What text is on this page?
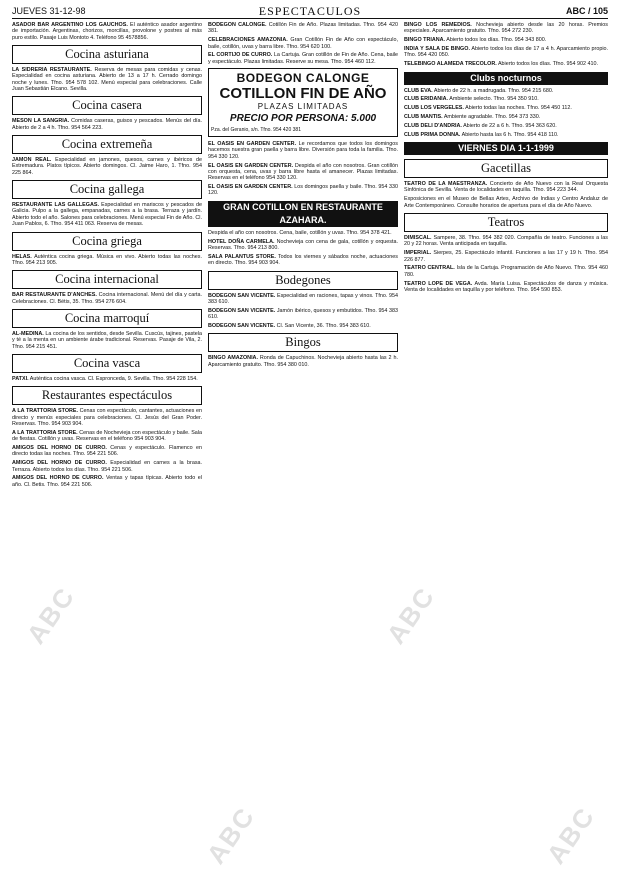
JUEVES 31-12-98	ESPECTACULOS	ABC / 105
ASADOR BAR ARGENTINO LOS GAUCHOS. El auténtico asador argentino de importación. Argentinas, chorizos, morcillas, provolone y postres al más puro estilo. Pasaje Luis Montoto 4. Teléfono 95 4578856.
Cocina asturiana
LA SIDRERIA RESTAURANTE. Reserva de mesas para comidas y cenas. Especialidad en cocina asturiana. Abierto de 13 a 17 h. Cerrado domingo noche y lunes. Tfno. 954 578 102. Menú especial para celebraciones. Calle Juan Sebastián Elcano. Sevilla.
Cocina casera
MESON LA SANGRIA. Comidas caseras, guisos y pescados. Menús del día. Abierto de 2 a 4 h. Tfno. 954 564 223.
Cocina extremeña
JAMON REAL. Especialidad en jamones, quesos, carnes y ibéricos de Extremadura. Platos típicos. Abierto domingos. Cl. Jaime Haro, 1. Tfno. 954 225 864.
Cocina gallega
RESTAURANTE LAS GALLEGAS. Especialidad en mariscos y pescados de Galicia. Pulpo a la gallega, empanadas, carnes a la brasa. Terraza y jardín. Abierto todo el año. Salones para celebraciones. Menú especial Fin de Año. Cl. Juan Pablos, 6. Tfno. 954 411 063. Reserva de mesas.
Cocina griega
HELAS. Auténtica cocina griega. Música en vivo. Abierto todas las noches. Tfno. 954 213 905.
Cocina internacional
BAR RESTAURANTE D'ANCHES. Cocina internacional. Menú del día y carta. Celebraciones. Cl. Bétis, 35. Tfno. 954 276 604.
Cocina marroquí
AL-MEDINA. La cocina de los sentidos, desde Sevilla. Cuscús, tajines, pastela y té a la menta en un ambiente árabe tradicional. Reservas. Pasaje de Vila, 2. Tfno. 954 215 451.
Cocina vasca
PATXI. Auténtica cocina vasca. Cl. Espronceda, 9. Sevilla. Tfno. 954 228 154.
Restaurantes espectáculos
A LA TRATTORIA STORE. Cenas con espectáculo, cantantes, actuaciones en directo y menús especiales para celebraciones. Cl. Jesús del Gran Poder. Reservas. Tfno. 954 903 904.
A LA TRATTORIA STORE. Cenas de Nochevieja con espectáculo y baile. Sala de fiestas. Cotillón y uvas. Reservas en el teléfono 954 903 904.
AMIGOS DEL HORNO DE CURRO. Cenas y espectáculo. Flamenco en directo todas las noches. Tfno. 954 221 506.
AMIGOS DEL HORNO DE CURRO. Especialidad en carnes a la brasa. Terraza. Abierto todos los días. Tfno. 954 221 506.
AMIGOS DEL HORNO DE CURRO. Ventas y tapas típicas. Abierto todo el año. Cl. Betis. Tfno. 954 221 506.
BODEGON CALONGE. Cotillón Fin de Año. Plazas limitadas. Tfno. 954 420 381.
CELEBRACIONES AMAZONIA. Gran Cotillón Fin de Año con espectáculo, baile, cotillón, uvas y barra libre. Tfno. 954 620 100.
EL CORTIJO DE CURRO. La Cartuja. Gran cotillón de Fin de Año. Cena, baile y espectáculo. Plazas limitadas. Reserve su mesa. Tfno. 954 460 112.
BODEGON CALONGE
COTILLON FIN DE AÑO
PLAZAS LIMITADAS
PRECIO POR PERSONA: 5.000
Pza. del Geranio, s/n. Tfno. 954 420 381
EL OASIS EN GARDEN CENTER. Le recordamos que todos los domingos hacemos nuestra gran paella y barra libre. Diversión para toda la familia. Tfno. 954 330 120.
EL OASIS EN GARDEN CENTER. Despida el año con nosotros. Gran cotillón con orquesta, cena, uvas y barra libre hasta el amanecer. Plazas limitadas. Reservas en el teléfono 954 330 120.
EL OASIS EN GARDEN CENTER. Los domingos paella y baile. Tfno. 954 330 120.
GRAN COTILLON EN RESTAURANTE AZAHARA.
Despida el año con nosotros. Cena, baile, cotillón y uvas. Tfno. 954 378 421.
HOTEL DOÑA CARMELA. Nochevieja con cena de gala, cotillón y orquesta. Reservas. Tfno. 954 213 800.
SALA PALANTUS STORE. Todos los viernes y sábados noche, actuaciones en directo. Tfno. 954 903 904.
Bodegones
BODEGON SAN VICENTE. Especialidad en raciones, tapas y vinos. Tfno. 954 383 610.
BODEGON SAN VICENTE. Jamón ibérico, quesos y embutidos. Tfno. 954 383 610.
BODEGON SAN VICENTE. Cl. San Vicente, 36. Tfno. 954 383 610.
Bingos
BINGO AMAZONIA. Ronda de Capuchinos. Nochevieja abierto hasta las 2 h. Aparcamiento gratuito. Tfno. 954 380 010.
BINGO LOS REMEDIOS. Nochevieja abierto desde las 20 horas. Premios especiales. Aparcamiento gratuito. Tfno. 954 272 230.
BINGO TRIANA. Abierto todos los días. Tfno. 954 343 800.
INDIA Y SALA DE BINGO. Abierto todos los días de 17 a 4 h. Aparcamiento propio. Tfno. 954 420 050.
TELEBINGO ALAMEDA TRECOLOR. Abierto todos los días. Tfno. 954 902 410.
Clubs nocturnos
CLUB EVA. Abierto de 22 h. a madrugada. Tfno. 954 215 680.
CLUB ERIDANIA. Ambiente selecto. Tfno. 954 350 910.
CLUB LOS VERGELES. Abierto todas las noches. Tfno. 954 450 112.
CLUB MANTIS. Ambiente agradable. Tfno. 954 373 330.
CLUB DELI D'ANDRIA. Abierto de 22 a 6 h. Tfno. 954 363 620.
CLUB PRIMA DONNA. Abierto hasta las 6 h. Tfno. 954 418 110.
VIERNES DIA 1-1-1999
Gacetillas
TEATRO DE LA MAESTRANZA. Concierto de Año Nuevo con la Real Orquesta Sinfónica de Sevilla. Venta de localidades en taquilla. Tfno. 954 223 344.
Exposiciones en el Museo de Bellas Artes, Archivo de Indias y Centro Andaluz de Arte Contemporáneo. Consulte horarios de apertura para el día de Año Nuevo.
Teatros
DIMISCAL. Sampere, 38. Tfno. 954 382 020. Compañía de teatro. Funciones a las 20 y 22 horas. Venta anticipada en taquilla.
IMPERIAL. Sierpes, 25. Espectáculo infantil. Funciones a las 17 y 19 h. Tfno. 954 226 877.
TEATRO CENTRAL. Isla de la Cartuja. Programación de Año Nuevo. Tfno. 954 460 780.
TEATRO LOPE DE VEGA. Avda. María Luisa. Espectáculos de danza y música. Venta de localidades en taquilla y por teléfono. Tfno. 954 590 853.
ABC
ABC
ABC
ABC
